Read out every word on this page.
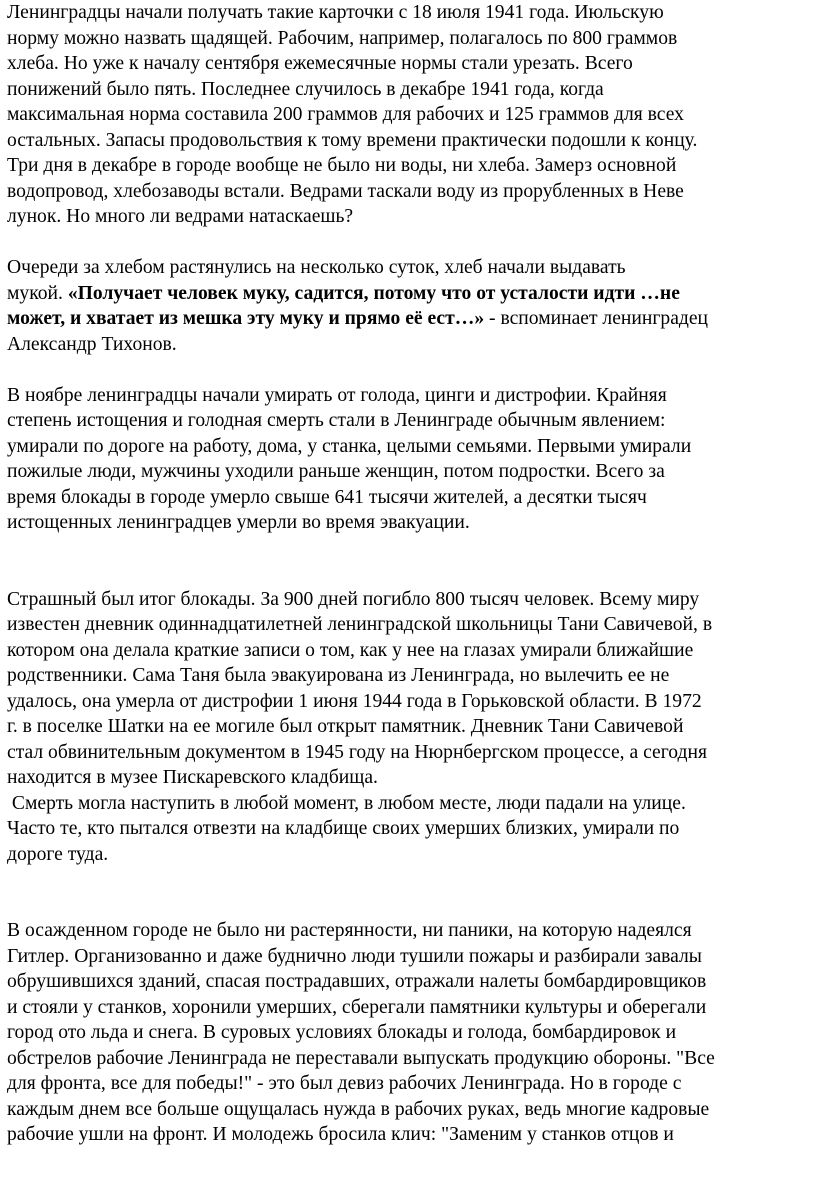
Ленинградцы начали получать такие карточки с 18 июля 1941 года. Июльскую
норму можно назвать щадящей. Рабочим, например, полагалось по 800 граммов
хлеба. Но уже к началу сентября ежемесячные нормы стали урезать. Всего
понижений было пять. Последнее случилось в декабре 1941 года, когда
максимальная норма составила 200 граммов для рабочих и 125 граммов для всех
остальных. Запасы продовольствия к тому времени практически подошли к концу.
Три дня в декабре в городе вообще не было ни воды, ни хлеба. Замерз основной
водопровод, хлебозаводы встали. Ведрами таскали воду из прорубленных в Неве
лунок. Но много ли ведрами натаскаешь?

Очереди за хлебом растянулись на несколько суток, хлеб начали выдавать
мукой. «Получает человек муку, садится, потому что от усталости идти …не
может, и хватает из мешка эту муку и прямо её ест…» - вспоминает ленинградец
Александр Тихонов.

В ноябре ленинградцы начали умирать от голода, цинги и дистрофии. Крайняя
степень истощения и голодная смерть стали в Ленинграде обычным явлением:
умирали по дороге на работу, дома, у станка, целыми семьями. Первыми умирали
пожилые люди, мужчины уходили раньше женщин, потом подростки. Всего за
время блокады в городе умерло свыше 641 тысячи жителей, а десятки тысяч
истощенных ленинградцев умерли во время эвакуации.

Страшный был итог блокады. За 900 дней погибло 800 тысяч человек. Всему миру
известен дневник одиннадцатилетней ленинградской школьницы Тани Савичевой, в
котором она делала краткие записи о том, как у нее на глазах умирали ближайшие
родственники. Сама Таня была эвакуирована из Ленинграда, но вылечить ее не
удалось, она умерла от дистрофии 1 июня 1944 года в Горьковской области. В 1972
г. в поселке Шатки на ее могиле был открыт памятник. Дневник Тани Савичевой
стал обвинительным документом в 1945 году на Нюрнбергском процессе, а сегодня
находится в музее Пискаревского кладбища.
Смерть могла наступить в любой момент, в любом месте, люди падали на улице.
Часто те, кто пытался отвезти на кладбище своих умерших близких, умирали по
дороге туда.

В осажденном городе не было ни растерянности, ни паники, на которую надеялся
Гитлер. Организованно и даже буднично люди тушили пожары и разбирали завалы
обрушившихся зданий, спасая пострадавших, отражали налеты бомбардировщиков
и стояли у станков, хоронили умерших, сберегали памятники культуры и оберегали
город ото льда и снега. В суровых условиях блокады и голода, бомбардировок и
обстрелов рабочие Ленинграда не переставали выпускать продукцию обороны. "Все
для фронта, все для победы!" - это был девиз рабочих Ленинграда. Но в городе с
каждым днем все больше ощущалась нужда в рабочих руках, ведь многие кадровые
рабочие ушли на фронт. И молодежь бросила клич: "Заменим у станков отцов и
